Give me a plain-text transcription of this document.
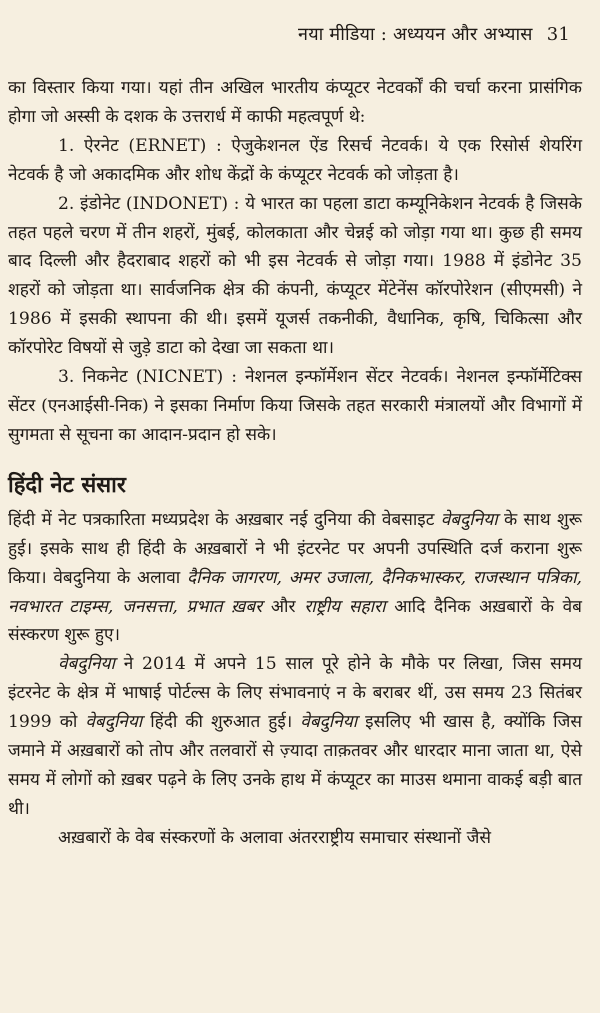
नया मीडिया : अध्ययन और अभ्यास 31

का विस्तार किया गया। यहां तीन अखिल भारतीय कंप्यूटर नेटवर्कों की चर्चा करना प्रासंगिक होगा जो अस्सी के दशक के उत्तरार्ध में काफी महत्वपूर्ण थे:

1. ऐरनेट (ERNET) : ऐजुकेशनल ऐंड रिसर्च नेटवर्क। ये एक रिसोर्स शेयरिंग नेटवर्क है जो अकादमिक और शोध केंद्रों के कंप्यूटर नेटवर्क को जोड़ता है।

2. इंडोनेट (INDONET) : ये भारत का पहला डाटा कम्यूनिकेशन नेटवर्क है जिसके तहत पहले चरण में तीन शहरों, मुंबई, कोलकाता और चेन्नई को जोड़ा गया था। कुछ ही समय बाद दिल्ली और हैदराबाद शहरों को भी इस नेटवर्क से जोड़ा गया। 1988 में इंडोनेट 35 शहरों को जोड़ता था। सार्वजनिक क्षेत्र की कंपनी, कंप्यूटर मेंटेनेंस कॉरपोरेशन (सीएमसी) ने 1986 में इसकी स्थापना की थी। इसमें यूजर्स तकनीकी, वैधानिक, कृषि, चिकित्सा और कॉरपोरेट विषयों से जुड़े डाटा को देखा जा सकता था।

3. निकनेट (NICNET) : नेशनल इन्फॉर्मेशन सेंटर नेटवर्क। नेशनल इन्फॉर्मेटिक्स सेंटर (एनआईसी-निक) ने इसका निर्माण किया जिसके तहत सरकारी मंत्रालयों और विभागों में सुगमता से सूचना का आदान-प्रदान हो सके।

हिंदी नेट संसार

हिंदी में नेट पत्रकारिता मध्यप्रदेश के अख़बार नई दुनिया की वेबसाइट वेबदुनिया के साथ शुरू हुई। इसके साथ ही हिंदी के अख़बारों ने भी इंटरनेट पर अपनी उपस्थिति दर्ज कराना शुरू किया। वेबदुनिया के अलावा दैनिक जागरण, अमर उजाला, दैनिकभास्कर, राजस्थान पत्रिका, नवभारत टाइम्स, जनसत्ता, प्रभात ख़बर और राष्ट्रीय सहारा आदि दैनिक अख़बारों के वेब संस्करण शुरू हुए।

वेबदुनिया ने 2014 में अपने 15 साल पूरे होने के मौके पर लिखा, जिस समय इंटरनेट के क्षेत्र में भाषाई पोर्टल्स के लिए संभावनाएं न के बराबर थीं, उस समय 23 सितंबर 1999 को वेबदुनिया हिंदी की शुरुआत हुई। वेबदुनिया इसलिए भी खास है, क्योंकि जिस जमाने में अख़बारों को तोप और तलवारों से ज़्यादा ताक़तवर और धारदार माना जाता था, ऐसे समय में लोगों को ख़बर पढ़ने के लिए उनके हाथ में कंप्यूटर का माउस थमाना वाकई बड़ी बात थी।

अख़बारों के वेब संस्करणों के अलावा अंतरराष्ट्रीय समाचार संस्थानों जैसे
